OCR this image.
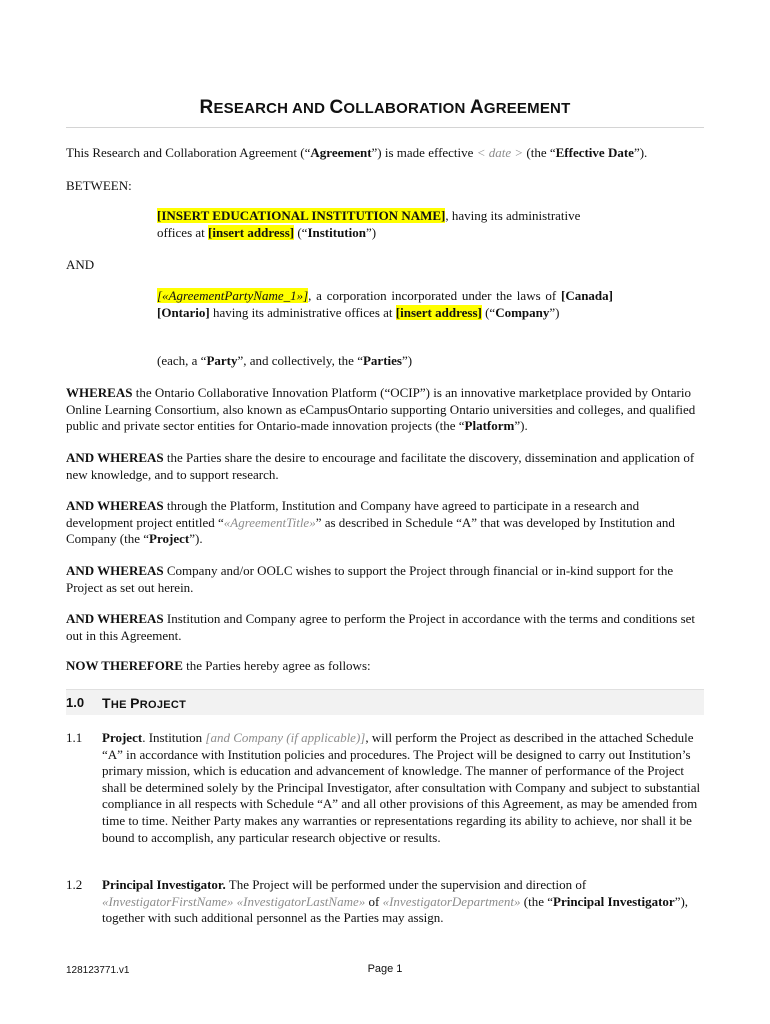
RESEARCH AND COLLABORATION AGREEMENT
This Research and Collaboration Agreement (“Agreement”) is made effective < date > (the “Effective Date”).
BETWEEN:
[INSERT EDUCATIONAL INSTITUTION NAME], having its administrative offices at [insert address] (“Institution”)
AND
[«AgreementPartyName_1»], a corporation incorporated under the laws of [Canada][Ontario] having its administrative offices at [insert address] (“Company”)
(each, a “Party”, and collectively, the “Parties”)
WHEREAS the Ontario Collaborative Innovation Platform (“OCIP”) is an innovative marketplace provided by Ontario Online Learning Consortium, also known as eCampusOntario supporting Ontario universities and colleges, and qualified public and private sector entities for Ontario-made innovation projects (the “Platform”).
AND WHEREAS the Parties share the desire to encourage and facilitate the discovery, dissemination and application of new knowledge, and to support research.
AND WHEREAS through the Platform, Institution and Company have agreed to participate in a research and development project entitled “«AgreementTitle»” as described in Schedule “A” that was developed by Institution and Company (the “Project”).
AND WHEREAS Company and/or OOLC wishes to support the Project through financial or in-kind support for the Project as set out herein.
AND WHEREAS Institution and Company agree to perform the Project in accordance with the terms and conditions set out in this Agreement.
NOW THEREFORE the Parties hereby agree as follows:
1.0 THE PROJECT
1.1 Project. Institution [and Company (if applicable)], will perform the Project as described in the attached Schedule “A” in accordance with Institution policies and procedures. The Project will be designed to carry out Institution’s primary mission, which is education and advancement of knowledge. The manner of performance of the Project shall be determined solely by the Principal Investigator, after consultation with Company and subject to substantial compliance in all respects with Schedule “A” and all other provisions of this Agreement, as may be amended from time to time. Neither Party makes any warranties or representations regarding its ability to achieve, nor shall it be bound to accomplish, any particular research objective or results.
1.2 Principal Investigator. The Project will be performed under the supervision and direction of «InvestigatorFirstName» «InvestigatorLastName» of «InvestigatorDepartment» (the “Principal Investigator”), together with such additional personnel as the Parties may assign.
128123771.v1	Page 1
